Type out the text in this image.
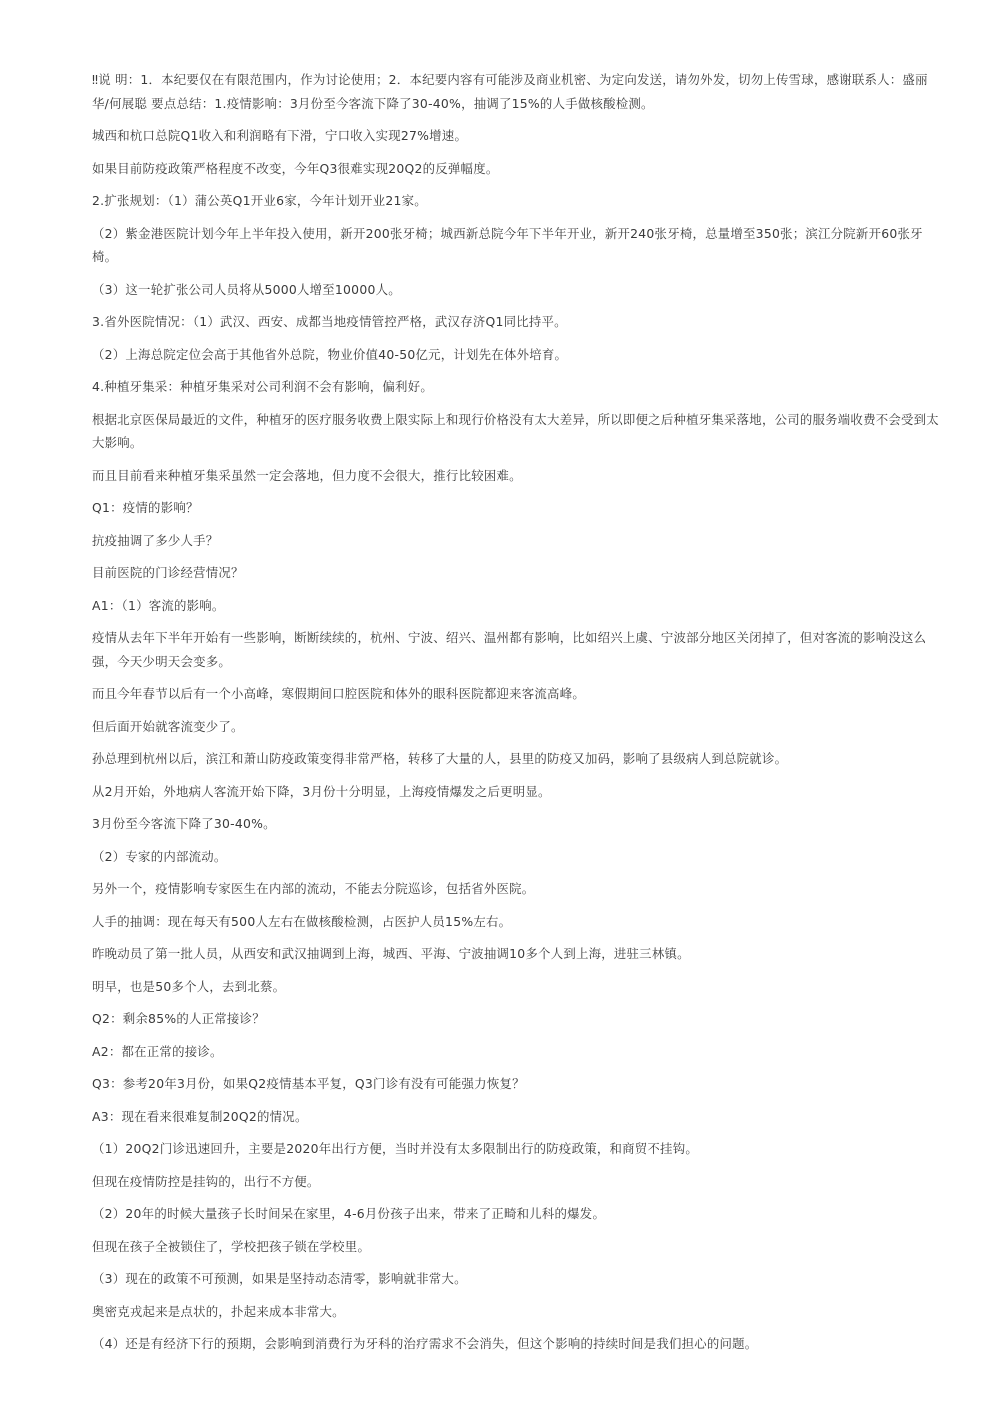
‼说 明：1．本纪要仅在有限范围内，作为讨论使用；2．本纪要内容有可能涉及商业机密、为定向发送，请勿外发，切勿上传雪球，感谢联系人：盛丽华/何展聪 要点总结：1.疫情影响：3月份至今客流下降了30-40%，抽调了15%的人手做核酸检测。

城西和杭口总院Q1收入和利润略有下滑，宁口收入实现27%增速。

如果目前防疫政策严格程度不改变，今年Q3很难实现20Q2的反弹幅度。

2.扩张规划：（1）蒲公英Q1开业6家，今年计划开业21家。

（2）紫金港医院计划今年上半年投入使用，新开200张牙椅；城西新总院今年下半年开业，新开240张牙椅，总量增至350张；滨江分院新开60张牙椅。

（3）这一轮扩张公司人员将从5000人增至10000人。

3.省外医院情况：（1）武汉、西安、成都当地疫情管控严格，武汉存济Q1同比持平。

（2）上海总院定位会高于其他省外总院，物业价值40-50亿元，计划先在体外培育。

4.种植牙集采：种植牙集采对公司利润不会有影响，偏利好。

根据北京医保局最近的文件，种植牙的医疗服务收费上限实际上和现行价格没有太大差异，所以即便之后种植牙集采落地，公司的服务端收费不会受到太大影响。

而且目前看来种植牙集采虽然一定会落地，但力度不会很大，推行比较困难。

Q1：疫情的影响？

抗疫抽调了多少人手？

目前医院的门诊经营情况？

A1：（1）客流的影响。

疫情从去年下半年开始有一些影响，断断续续的，杭州、宁波、绍兴、温州都有影响，比如绍兴上虞、宁波部分地区关闭掉了，但对客流的影响没这么强，今天少明天会变多。

而且今年春节以后有一个小高峰，寒假期间口腔医院和体外的眼科医院都迎来客流高峰。

但后面开始就客流变少了。

孙总理到杭州以后，滨江和萧山防疫政策变得非常严格，转移了大量的人，县里的防疫又加码，影响了县级病人到总院就诊。

从2月开始，外地病人客流开始下降，3月份十分明显，上海疫情爆发之后更明显。

3月份至今客流下降了30-40%。

（2）专家的内部流动。

另外一个，疫情影响专家医生在内部的流动，不能去分院巡诊，包括省外医院。

人手的抽调：现在每天有500人左右在做核酸检测，占医护人员15%左右。

昨晚动员了第一批人员，从西安和武汉抽调到上海，城西、平海、宁波抽调10多个人到上海，进驻三林镇。

明早，也是50多个人，去到北蔡。

Q2：剩余85%的人正常接诊？

A2：都在正常的接诊。

Q3：参考20年3月份，如果Q2疫情基本平复，Q3门诊有没有可能强力恢复？

A3：现在看来很难复制20Q2的情况。

（1）20Q2门诊迅速回升，主要是2020年出行方便，当时并没有太多限制出行的防疫政策，和商贸不挂钩。

但现在疫情防控是挂钩的，出行不方便。

（2）20年的时候大量孩子长时间呆在家里，4-6月份孩子出来，带来了正畸和儿科的爆发。

但现在孩子全被锁住了，学校把孩子锁在学校里。

（3）现在的政策不可预测，如果是坚持动态清零，影响就非常大。

奥密克戎起来是点状的，扑起来成本非常大。

（4）还是有经济下行的预期，会影响到消费行为牙科的治疗需求不会消失，但这个影响的持续时间是我们担心的问题。
